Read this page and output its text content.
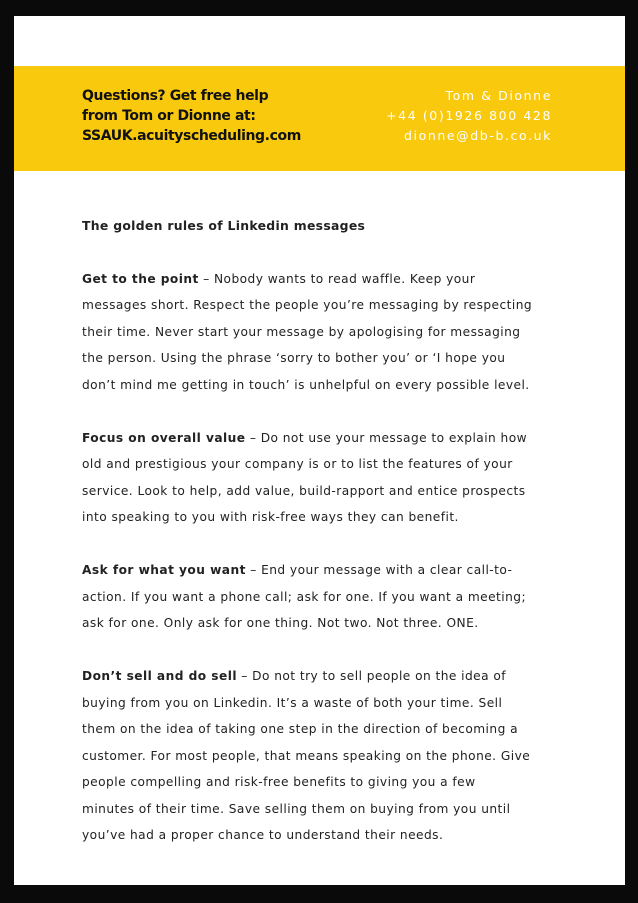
Questions? Get free help
from Tom or Dionne at:
SSAUK.acuityscheduling.com
Tom & Dionne
+44 (0)1926 800 428
dionne@db-b.co.uk
The golden rules of Linkedin messages
Get to the point – Nobody wants to read waffle. Keep your
messages short. Respect the people you’re messaging by respecting
their time. Never start your message by apologising for messaging
the person. Using the phrase ‘sorry to bother you’ or ‘I hope you
don’t mind me getting in touch’ is unhelpful on every possible level.
Focus on overall value – Do not use your message to explain how
old and prestigious your company is or to list the features of your
service. Look to help, add value, build-rapport and entice prospects
into speaking to you with risk-free ways they can benefit.
Ask for what you want – End your message with a clear call-to-
action. If you want a phone call; ask for one. If you want a meeting;
ask for one. Only ask for one thing. Not two. Not three. ONE.
Don’t sell and do sell – Do not try to sell people on the idea of
buying from you on Linkedin. It’s a waste of both your time. Sell
them on the idea of taking one step in the direction of becoming a
customer. For most people, that means speaking on the phone. Give
people compelling and risk-free benefits to giving you a few
minutes of their time. Save selling them on buying from you until
you’ve had a proper chance to understand their needs.
